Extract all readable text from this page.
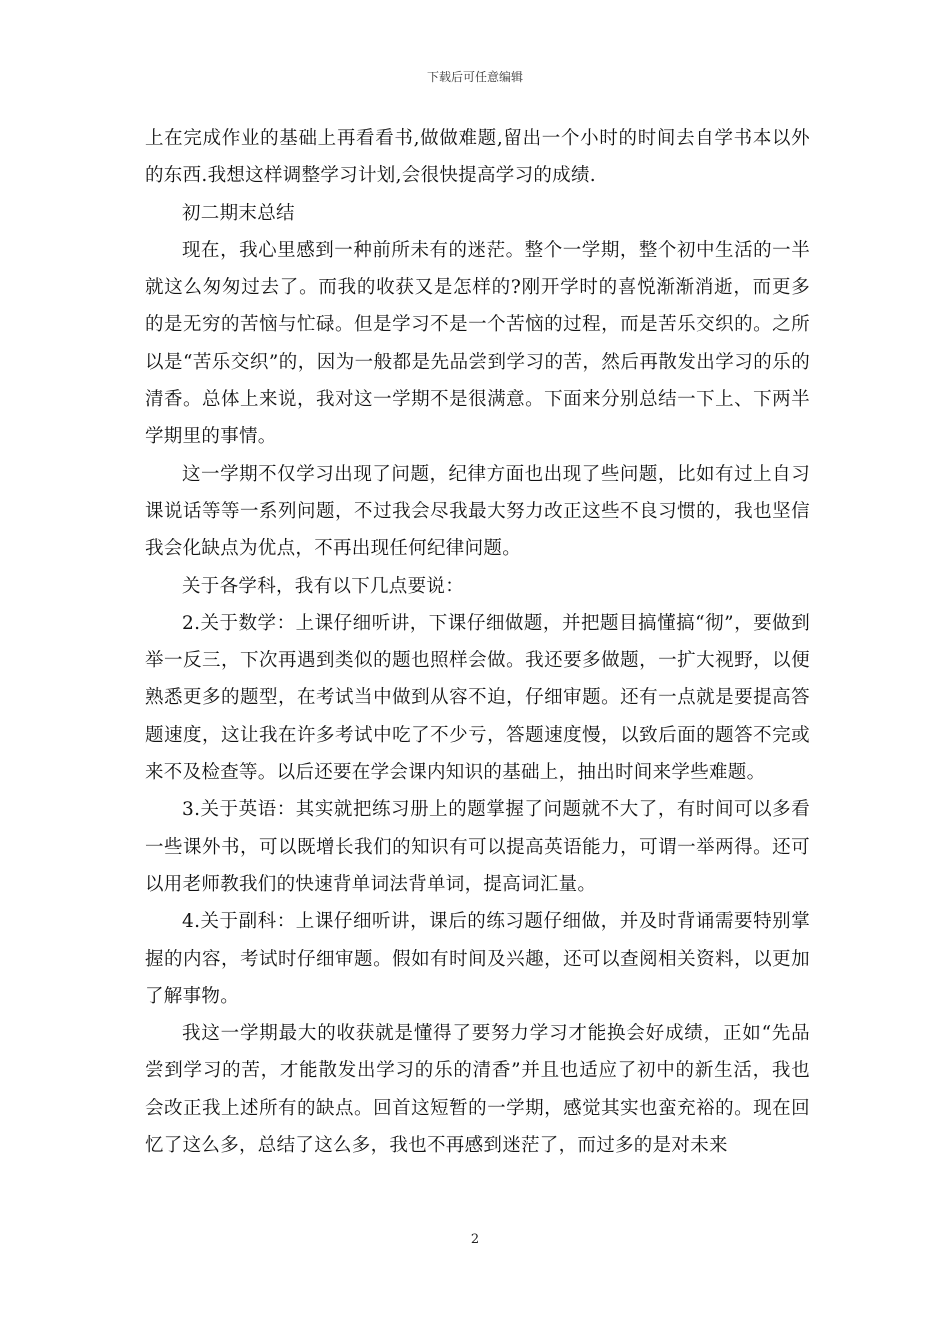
下载后可任意编辑

上在完成作业的基础上再看看书,做做难题,留出一个小时的时间去自学书本以外的东西.我想这样调整学习计划,会很快提高学习的成绩.

初二期末总结

现在，我心里感到一种前所未有的迷茫。整个一学期，整个初中生活的一半就这么匆匆过去了。而我的收获又是怎样的?刚开学时的喜悦渐渐消逝，而更多的是无穷的苦恼与忙碌。但是学习不是一个苦恼的过程，而是苦乐交织的。之所以是“苦乐交织”的，因为一般都是先品尝到学习的苦，然后再散发出学习的乐的清香。总体上来说，我对这一学期不是很满意。下面来分别总结一下上、下两半学期里的事情。

这一学期不仅学习出现了问题，纪律方面也出现了些问题，比如有过上自习课说话等等一系列问题，不过我会尽我最大努力改正这些不良习惯的，我也坚信我会化缺点为优点，不再出现任何纪律问题。

关于各学科，我有以下几点要说：

2.关于数学：上课仔细听讲，下课仔细做题，并把题目搞懂搞“彻”，要做到举一反三，下次再遇到类似的题也照样会做。我还要多做题，一扩大视野，以便熟悉更多的题型，在考试当中做到从容不迫，仔细审题。还有一点就是要提高答题速度，这让我在许多考试中吃了不少亏，答题速度慢，以致后面的题答不完或来不及检查等。以后还要在学会课内知识的基础上，抽出时间来学些难题。

3.关于英语：其实就把练习册上的题掌握了问题就不大了，有时间可以多看一些课外书，可以既增长我们的知识有可以提高英语能力，可谓一举两得。还可以用老师教我们的快速背单词法背单词，提高词汇量。

4.关于副科：上课仔细听讲，课后的练习题仔细做，并及时背诵需要特别掌握的内容，考试时仔细审题。假如有时间及兴趣，还可以查阅相关资料，以更加了解事物。

我这一学期最大的收获就是懂得了要努力学习才能换会好成绩，正如“先品尝到学习的苦，才能散发出学习的乐的清香”并且也适应了初中的新生活，我也会改正我上述所有的缺点。回首这短暂的一学期，感觉其实也蛮充裕的。现在回忆了这么多，总结了这么多，我也不再感到迷茫了，而过多的是对未来

2
